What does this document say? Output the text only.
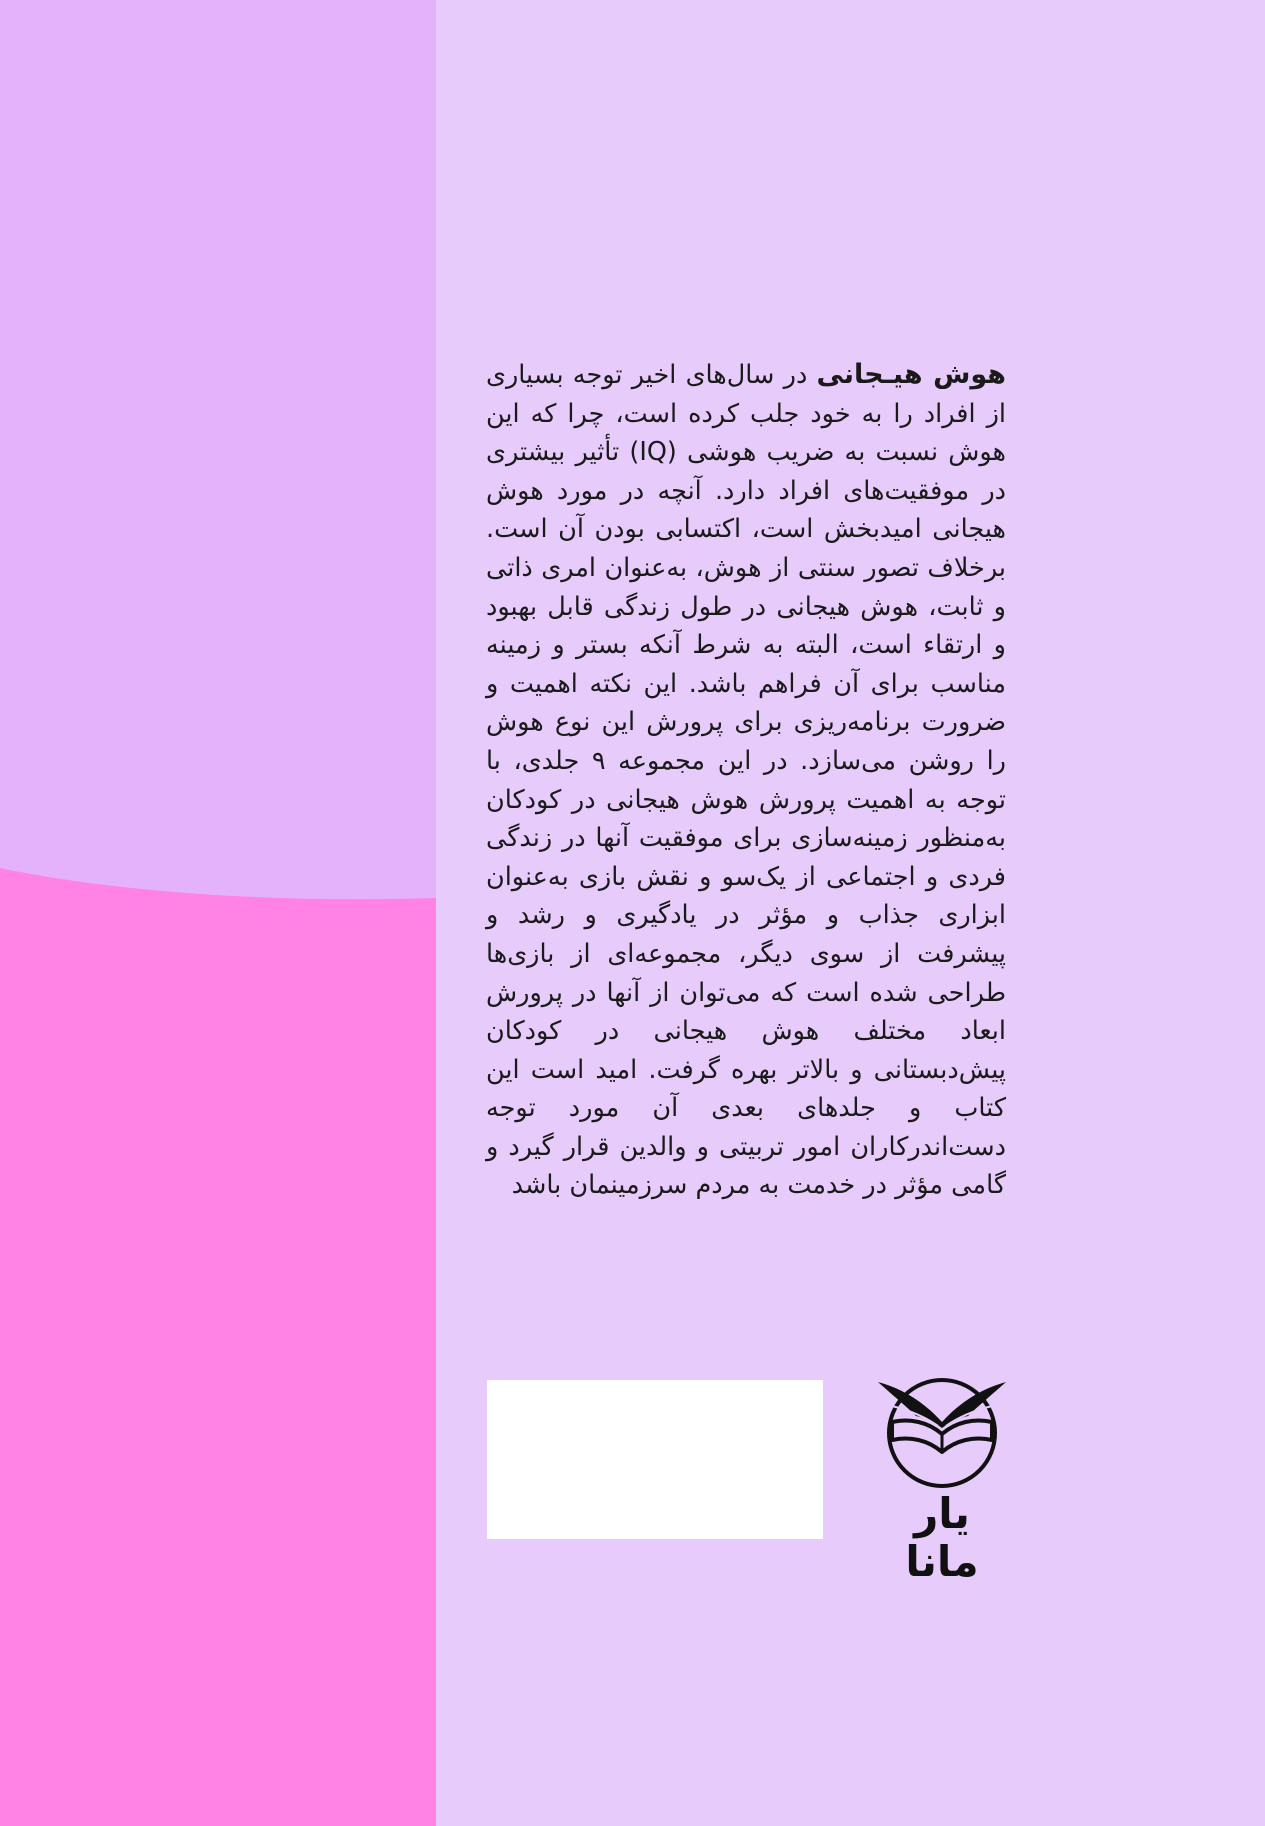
هوش هیـجانی در سال‌های اخیر توجه بسیاری از افراد را به خود جلب کرده است، چرا که این هوش نسبت به ضریب هوشی (IQ) تأثیر بیشتری در موفقیت‌های افراد دارد. آنچه در مورد هوش هیجانی امیدبخش است، اکتسابی بودن آن است. برخلاف تصور سنتی از هوش، به‌عنوان امری ذاتی و ثابت، هوش هیجانی در طول زندگی قابل بهبود و ارتقاء است، البته به شرط آنکه بستر و زمینه مناسب برای آن فراهم باشد. این نکته اهمیت و ضرورت برنامه‌ریزی برای پرورش این نوع هوش را روشن می‌سازد. در این مجموعه ۹ جلدی، با توجه به اهمیت پرورش هوش هیجانی در کودکان به‌منظور زمینه‌سازی برای موفقیت آنها در زندگی فردی و اجتماعی از یک‌سو و نقش بازی به‌عنوان ابزاری جذاب و مؤثر در یادگیری و رشد و پیشرفت از سوی دیگر، مجموعه‌ای از بازی‌ها طراحی شده است که می‌توان از آنها در پرورش ابعاد مختلف هوش هیجانی در کودکان پیش‌دبستانی و بالاتر بهره گرفت. امید است این کتاب و جلدهای بعدی آن مورد توجه دست‌اندرکاران امور تربیتی و والدین قرار گیرد و گامی مؤثر در خدمت به مردم سرزمینمان باشد
یار مانا
